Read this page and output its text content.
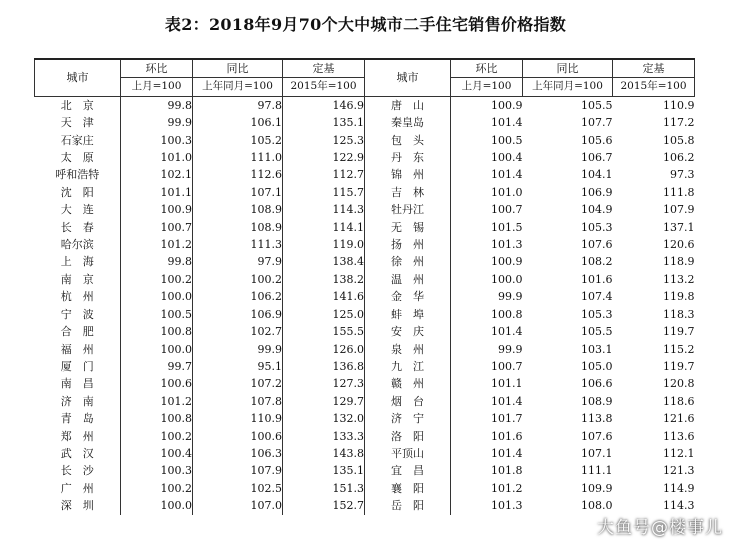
表2：2018年9月70个大中城市二手住宅销售价格指数
城市	环比	同比	定基	城市	环比	同比	定基
	上月=100	上年同月=100	2015年=100		上月=100	上年同月=100	2015年=100
北　京	99.8	97.8	146.9	唐　山	100.9	105.5	110.9
天　津	99.9	106.1	135.1	秦皇岛	101.4	107.7	117.2
石家庄	100.3	105.2	125.3	包　头	100.5	105.6	105.8
太　原	101.0	111.0	122.9	丹　东	100.4	106.7	106.2
呼和浩特	102.1	112.6	112.7	锦　州	101.4	104.1	97.3
沈　阳	101.1	107.1	115.7	吉　林	101.0	106.9	111.8
大　连	100.9	108.9	114.3	牡丹江	100.7	104.9	107.9
长　春	100.7	108.9	114.1	无　锡	101.5	105.3	137.1
哈尔滨	101.2	111.3	119.0	扬　州	101.3	107.6	120.6
上　海	99.8	97.9	138.4	徐　州	100.9	108.2	118.9
南　京	100.2	100.2	138.2	温　州	100.0	101.6	113.2
杭　州	100.0	106.2	141.6	金　华	99.9	107.4	119.8
宁　波	100.5	106.9	125.0	蚌　埠	100.8	105.3	118.3
合　肥	100.8	102.7	155.5	安　庆	101.4	105.5	119.7
福　州	100.0	99.9	126.0	泉　州	99.9	103.1	115.2
厦　门	99.7	95.1	136.8	九　江	100.7	105.0	119.7
南　昌	100.6	107.2	127.3	赣　州	101.1	106.6	120.8
济　南	101.2	107.8	129.7	烟　台	101.4	108.9	118.6
青　岛	100.8	110.9	132.0	济　宁	101.7	113.8	121.6
郑　州	100.2	100.6	133.3	洛　阳	101.6	107.6	113.6
武　汉	100.4	106.3	143.8	平顶山	101.4	107.1	112.1
长　沙	100.3	107.9	135.1	宜　昌	101.8	111.1	121.3
广　州	100.2	102.5	151.3	襄　阳	101.2	109.9	114.9
深　圳	100.0	107.0	152.7	岳　阳	101.3	108.0	114.3
大鱼号@楼事儿
